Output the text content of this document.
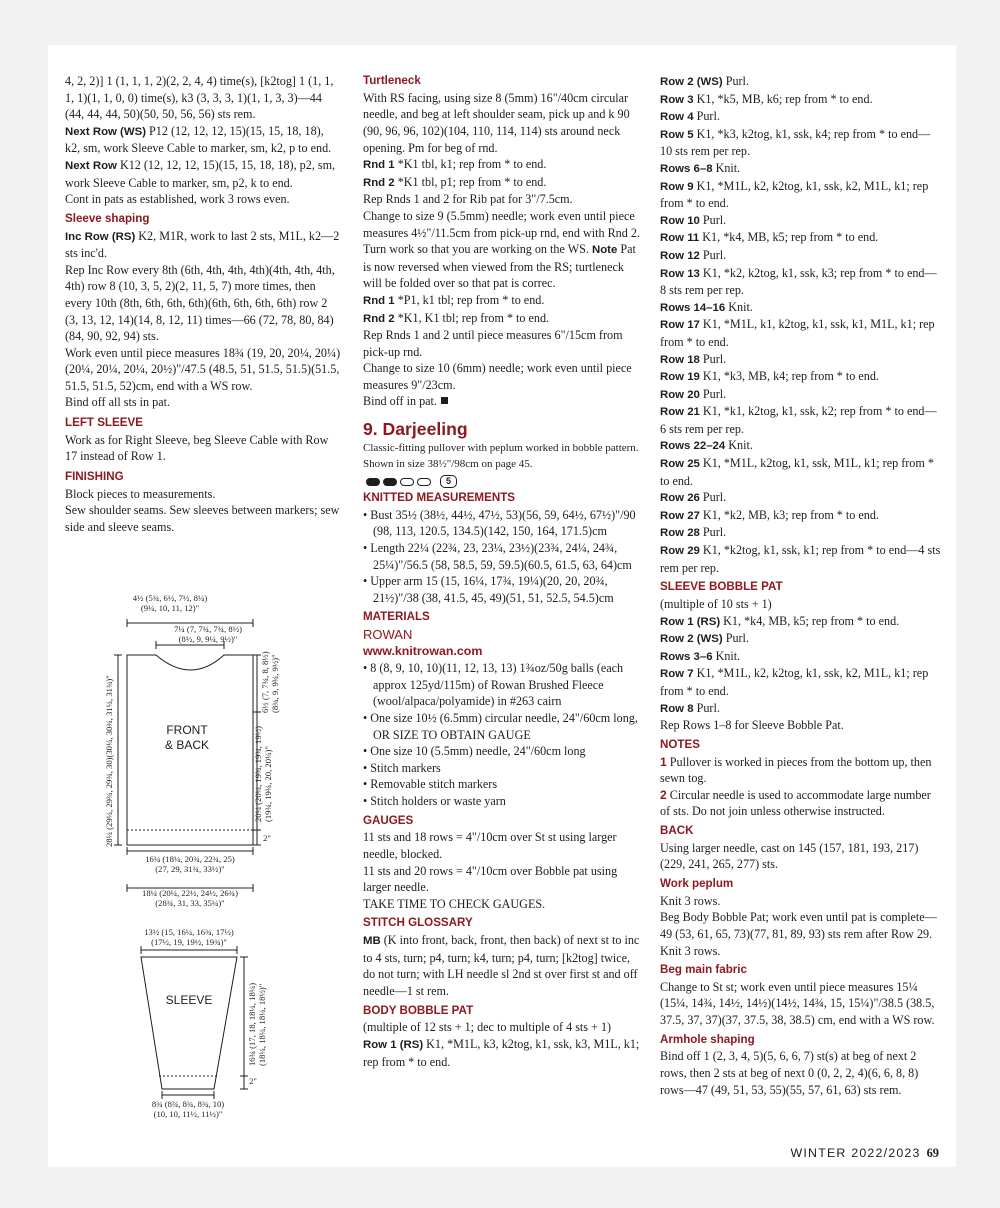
4, 2, 2)] 1 (1, 1, 1, 2)(2, 2, 4, 4) time(s), [k2tog] 1 (1, 1, 1, 1)(1, 1, 0, 0) time(s), k3 (3, 3, 3, 1)(1, 1, 3, 3)—44 (44, 44, 44, 50)(50, 50, 56, 56) sts rem.

Next Row (WS) P12 (12, 12, 12, 15)(15, 15, 18, 18), k2, sm, work Sleeve Cable to marker, sm, k2, p to end.

Next Row K12 (12, 12, 12, 15)(15, 15, 18, 18), p2, sm, work Sleeve Cable to marker, sm, p2, k to end.

Cont in pats as established, work 3 rows even.

Sleeve shaping

Inc Row (RS) K2, M1R, work to last 2 sts, M1L, k2—2 sts inc'd.

Rep Inc Row every 8th (6th, 4th, 4th, 4th)(4th, 4th, 4th, 4th) row 8 (10, 3, 5, 2)(2, 11, 5, 7) more times, then every 10th (8th, 6th, 6th, 6th)(6th, 6th, 6th, 6th) row 2 (3, 13, 12, 14)(14, 8, 12, 11) times—66 (72, 78, 80, 84)(84, 90, 92, 94) sts.

Work even until piece measures 18¾ (19, 20, 20¼, 20¼)(20¼, 20¼, 20¼, 20½)"/47.5 (48.5, 51, 51.5, 51.5)(51.5, 51.5, 51.5, 52)cm, end with a WS row.

Bind off all sts in pat.

LEFT SLEEVE

Work as for Right Sleeve, beg Sleeve Cable with Row 17 instead of Row 1.

FINISHING

Block pieces to measurements.

Sew shoulder seams. Sew sleeves between markers; sew side and sleeve seams.

4½ (5¾, 6½, 7½, 8¼)
(9¼, 10, 11, 12)"
7¼ (7, 7¾, 7¾, 8½)
(8½, 9, 9¼, 9½)"
FRONT
& BACK
28¼ (29¼, 29¾, 29¾, 30)(30¼, 30¾, 31¼, 31¾)"	6½ (7, 7¾, 8, 8½) (8¾, 9, 9¾, 9½)"
20¼ (20¼, 19¾, 19¾, 19½) (19¾, 19¾, 20, 20¼)"
2"
16¼ (18¼, 20¾, 22¾, 25)
(27, 29, 31¾, 33½)"
18¼ (20¼, 22½, 24½, 26¾)
(28¾, 31, 33, 35¼)"
13½ (15, 16¼, 16¾, 17½)
(17½, 19, 19½, 19¾)"
SLEEVE	16¾ (17, 18, 18¼, 18¼) (18¼, 18¼, 18¼, 18½)"
2"
8¾ (8¾, 8¾, 8¾, 10)
(10, 10, 11½, 11½)"

Turtleneck

With RS facing, using size 8 (5mm) 16"/40cm circular needle, and beg at left shoulder seam, pick up and k 90 (90, 96, 96, 102)(104, 110, 114, 114) sts around neck opening. Pm for beg of rnd.

Rnd 1 *K1 tbl, k1; rep from * to end.

Rnd 2 *K1 tbl, p1; rep from * to end.

Rep Rnds 1 and 2 for Rib pat for 3"/7.5cm.

Change to size 9 (5.5mm) needle; work even until piece measures 4½"/11.5cm from pick-up rnd, end with Rnd 2.

Turn work so that you are working on the WS. Note Pat is now reversed when viewed from the RS; turtleneck will be folded over so that pat is correc.

Rnd 1 *P1, k1 tbl; rep from * to end.

Rnd 2 *K1, K1 tbl; rep from * to end.

Rep Rnds 1 and 2 until piece measures 6"/15cm from pick-up rnd.

Change to size 10 (6mm) needle; work even until piece measures 9"/23cm.

Bind off in pat.

9. Darjeeling

Classic-fitting pullover with peplum worked in bobble pattern. Shown in size 38½"/98cm on page 45.

5

KNITTED MEASUREMENTS

• Bust 35½ (38½, 44½, 47½, 53)(56, 59, 64½, 67½)"/90 (98, 113, 120.5, 134.5)(142, 150, 164, 171.5)cm

• Length 22¼ (22¾, 23, 23¼, 23½)(23¾, 24¼, 24¾, 25¼)"/56.5 (58, 58.5, 59, 59.5)(60.5, 61.5, 63, 64)cm

• Upper arm 15 (15, 16¼, 17¾, 19¼)(20, 20, 20¾, 21½)"/38 (38, 41.5, 45, 49)(51, 51, 52.5, 54.5)cm

MATERIALS

ROWAN

www.knitrowan.com

• 8 (8, 9, 10, 10)(11, 12, 13, 13) 1¾oz/50g balls (each approx 125yd/115m) of Rowan Brushed Fleece (wool/alpaca/polyamide) in #263 cairn

• One size 10½ (6.5mm) circular needle, 24"/60cm long, OR SIZE TO OBTAIN GAUGE

• One size 10 (5.5mm) needle, 24"/60cm long

• Stitch markers

• Removable stitch markers

• Stitch holders or waste yarn

GAUGES

11 sts and 18 rows = 4"/10cm over St st using larger needle, blocked.

11 sts and 20 rows = 4"/10cm over Bobble pat using larger needle.

TAKE TIME TO CHECK GAUGES.

STITCH GLOSSARY

MB (K into front, back, front, then back) of next st to inc to 4 sts, turn; p4, turn; k4, turn; p4, turn; [k2tog] twice, do not turn; with LH needle sl 2nd st over first st and off needle—1 st rem.

BODY BOBBLE PAT

(multiple of 12 sts + 1; dec to multiple of 4 sts + 1)

Row 1 (RS) K1, *M1L, k3, k2tog, k1, ssk, k3, M1L, k1; rep from * to end.

Row 2 (WS) Purl.

Row 3 K1, *k5, MB, k6; rep from * to end.

Row 4 Purl.

Row 5 K1, *k3, k2tog, k1, ssk, k4; rep from * to end—10 sts rem per rep.

Rows 6–8 Knit.

Row 9 K1, *M1L, k2, k2tog, k1, ssk, k2, M1L, k1; rep from * to end.

Row 10 Purl.

Row 11 K1, *k4, MB, k5; rep from * to end.

Row 12 Purl.

Row 13 K1, *k2, k2tog, k1, ssk, k3; rep from * to end—8 sts rem per rep.

Rows 14–16 Knit.

Row 17 K1, *M1L, k1, k2tog, k1, ssk, k1, M1L, k1; rep from * to end.

Row 18 Purl.

Row 19 K1, *k3, MB, k4; rep from * to end.

Row 20 Purl.

Row 21 K1, *k1, k2tog, k1, ssk, k2; rep from * to end—6 sts rem per rep.

Rows 22–24 Knit.

Row 25 K1, *M1L, k2tog, k1, ssk, M1L, k1; rep from * to end.

Row 26 Purl.

Row 27 K1, *k2, MB, k3; rep from * to end.

Row 28 Purl.

Row 29 K1, *k2tog, k1, ssk, k1; rep from * to end—4 sts rem per rep.

SLEEVE BOBBLE PAT

(multiple of 10 sts + 1)

Row 1 (RS) K1, *k4, MB, k5; rep from * to end.

Row 2 (WS) Purl.

Rows 3–6 Knit.

Row 7 K1, *M1L, k2, k2tog, k1, ssk, k2, M1L, k1; rep from * to end.

Row 8 Purl.

Rep Rows 1–8 for Sleeve Bobble Pat.

NOTES

1 Pullover is worked in pieces from the bottom up, then sewn tog.

2 Circular needle is used to accommodate large number of sts. Do not join unless otherwise instructed.

BACK

Using larger needle, cast on 145 (157, 181, 193, 217)(229, 241, 265, 277) sts.

Work peplum

Knit 3 rows.

Beg Body Bobble Pat; work even until pat is complete—49 (53, 61, 65, 73)(77, 81, 89, 93) sts rem after Row 29.

Knit 3 rows.

Beg main fabric

Change to St st; work even until piece measures 15¼ (15¼, 14¾, 14½, 14½)(14½, 14¾, 15, 15¼)"/38.5 (38.5, 37.5, 37, 37)(37, 37.5, 38, 38.5) cm, end with a WS row.

Armhole shaping

Bind off 1 (2, 3, 4, 5)(5, 6, 6, 7) st(s) at beg of next 2 rows, then 2 sts at beg of next 0 (0, 2, 2, 4)(6, 6, 8, 8) rows—47 (49, 51, 53, 55)(55, 57, 61, 63) sts rem.

WINTER 2022/2023 69
